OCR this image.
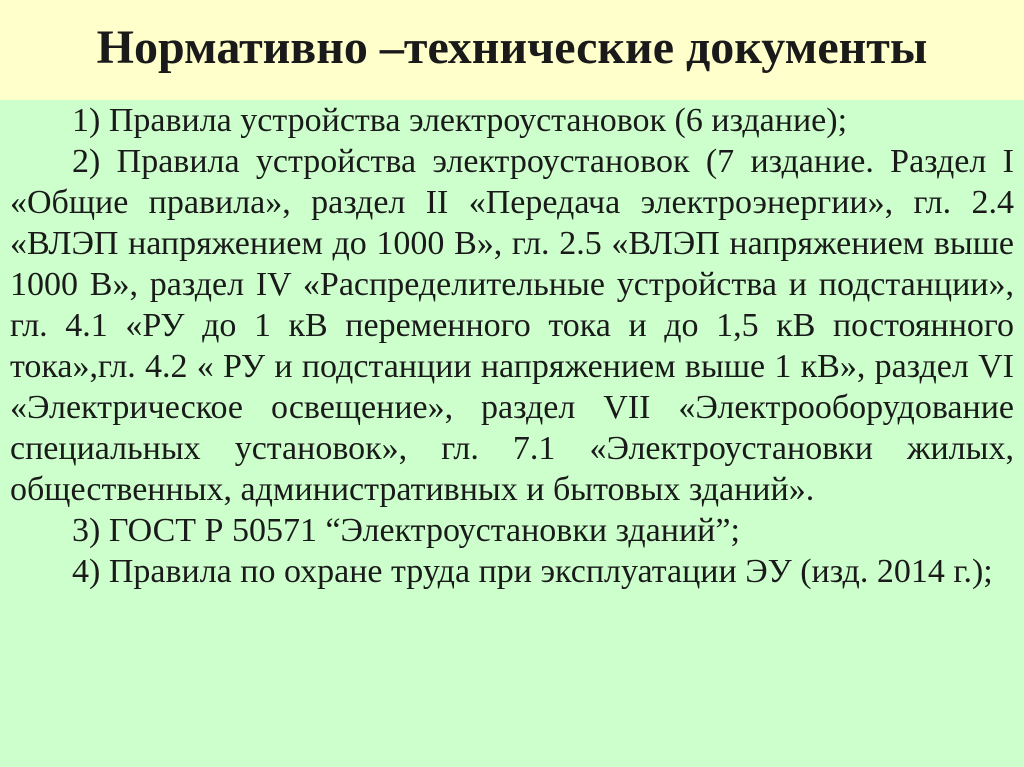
Нормативно –технические документы

1) Правила устройства электроустановок (6 издание);

2) Правила устройства электроустановок (7 издание. Раздел I «Общие правила», раздел II «Передача электроэнергии», гл. 2.4 «ВЛЭП напряжением до 1000 В», гл. 2.5 «ВЛЭП напряжением выше 1000 В», раздел IV «Распределительные устройства и подстанции», гл. 4.1 «РУ до 1 кВ переменного тока и до 1,5 кВ постоянного тока»,гл. 4.2 « РУ и подстанции напряжением выше 1 кВ», раздел VI «Электрическое освещение», раздел VII «Электрооборудование специальных установок», гл. 7.1 «Электроустановки жилых, общественных, административных и бытовых зданий».

3) ГОСТ Р 50571 “Электроустановки зданий”;

4) Правила по охране труда при эксплуатации ЭУ (изд. 2014 г.);
